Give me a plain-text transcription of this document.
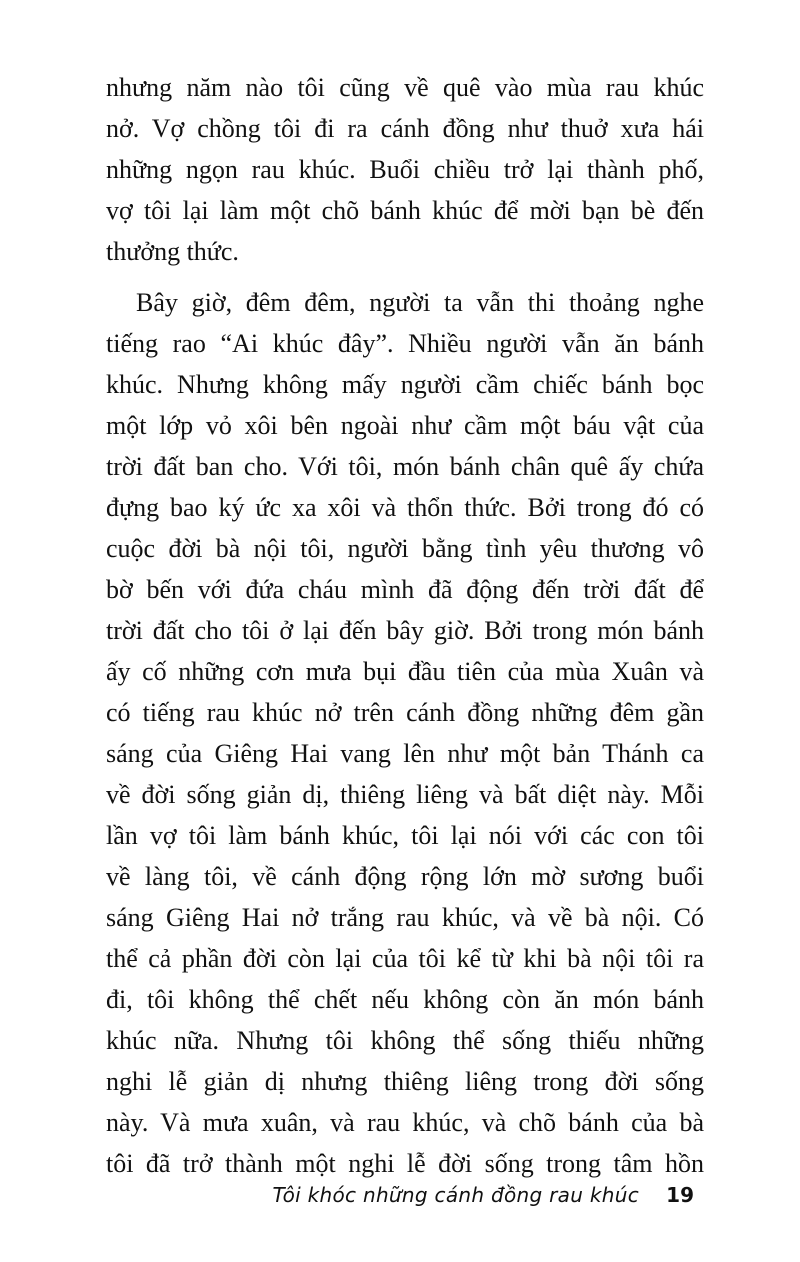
nhưng năm nào tôi cũng về quê vào mùa rau khúc
nở. Vợ chồng tôi đi ra cánh đồng như thuở xưa hái
những ngọn rau khúc. Buổi chiều trở lại thành phố,
vợ tôi lại làm một chõ bánh khúc để mời bạn bè đến
thưởng thức.
Bây giờ, đêm đêm, người ta vẫn thi thoảng nghe
tiếng rao “Ai khúc đây”. Nhiều người vẫn ăn bánh
khúc. Nhưng không mấy người cầm chiếc bánh bọc
một lớp vỏ xôi bên ngoài như cầm một báu vật của
trời đất ban cho. Với tôi, món bánh chân quê ấy chứa
đựng bao ký ức xa xôi và thổn thức. Bởi trong đó có
cuộc đời bà nội tôi, người bằng tình yêu thương vô
bờ bến với đứa cháu mình đã động đến trời đất để
trời đất cho tôi ở lại đến bây giờ. Bởi trong món bánh
ấy cố những cơn mưa bụi đầu tiên của mùa Xuân và
có tiếng rau khúc nở trên cánh đồng những đêm gần
sáng của Giêng Hai vang lên như một bản Thánh ca
về đời sống giản dị, thiêng liêng và bất diệt này. Mỗi
lần vợ tôi làm bánh khúc, tôi lại nói với các con tôi
về làng tôi, về cánh động rộng lớn mờ sương buổi
sáng Giêng Hai nở trắng rau khúc, và về bà nội. Có
thể cả phần đời còn lại của tôi kể từ khi bà nội tôi ra
đi, tôi không thể chết nếu không còn ăn món bánh
khúc nữa. Nhưng tôi không thể sống thiếu những
nghi lễ giản dị nhưng thiêng liêng trong đời sống
này. Và mưa xuân, và rau khúc, và chõ bánh của bà
tôi đã trở thành một nghi lễ đời sống trong tâm hồn
Tôi khóc những cánh đồng rau khúc 19
